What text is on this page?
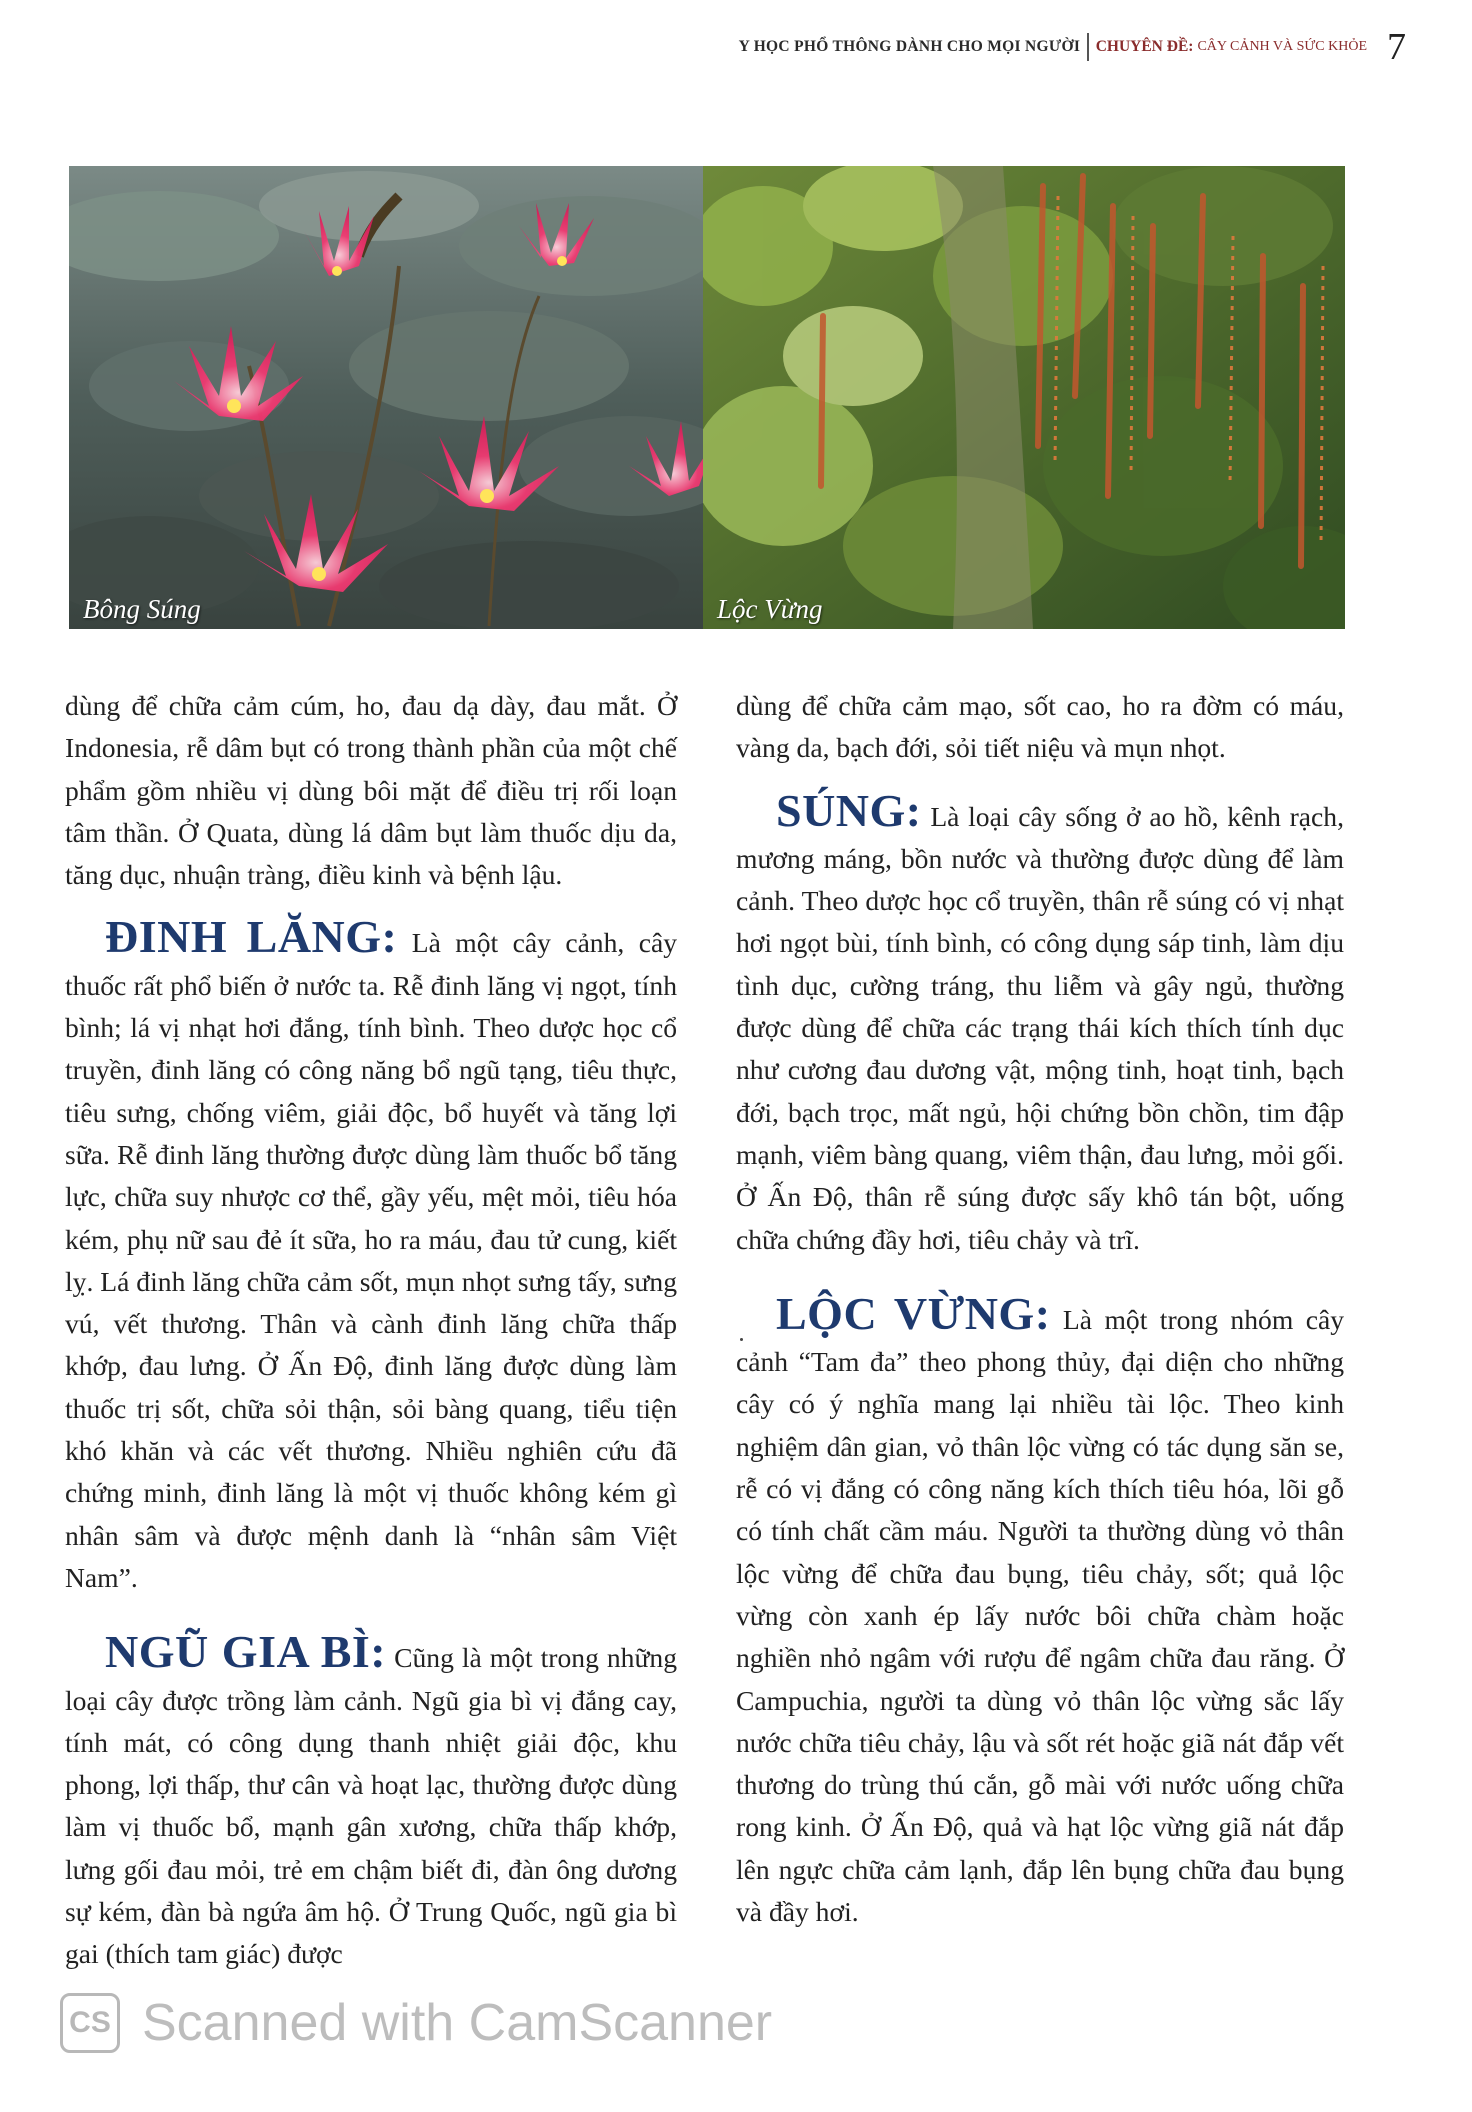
Y HỌC PHỔ THÔNG DÀNH CHO MỌI NGƯỜI CHUYÊN ĐỀ: CÂY CẢNH VÀ SỨC KHỎE 7
Bông Súng	Lộc Vừng

dùng để chữa cảm cúm, ho, đau dạ dày, đau mắt. Ở Indonesia, rễ dâm bụt có trong thành phần của một chế phẩm gồm nhiều vị dùng bôi mặt để điều trị rối loạn tâm thần. Ở Quata, dùng lá dâm bụt làm thuốc dịu da, tăng dục, nhuận tràng, điều kinh và bệnh lậu.

ĐINH LĂNG: Là một cây cảnh, cây thuốc rất phổ biến ở nước ta. Rễ đinh lăng vị ngọt, tính bình; lá vị nhạt hơi đắng, tính bình. Theo dược học cổ truyền, đinh lăng có công năng bổ ngũ tạng, tiêu thực, tiêu sưng, chống viêm, giải độc, bổ huyết và tăng lợi sữa. Rễ đinh lăng thường được dùng làm thuốc bổ tăng lực, chữa suy nhược cơ thể, gầy yếu, mệt mỏi, tiêu hóa kém, phụ nữ sau đẻ ít sữa, ho ra máu, đau tử cung, kiết lỵ. Lá đinh lăng chữa cảm sốt, mụn nhọt sưng tấy, sưng vú, vết thương. Thân và cành đinh lăng chữa thấp khớp, đau lưng. Ở Ấn Độ, đinh lăng được dùng làm thuốc trị sốt, chữa sỏi thận, sỏi bàng quang, tiểu tiện khó khăn và các vết thương. Nhiều nghiên cứu đã chứng minh, đinh lăng là một vị thuốc không kém gì nhân sâm và được mệnh danh là “nhân sâm Việt Nam”.

NGŨ GIA BÌ: Cũng là một trong những loại cây được trồng làm cảnh. Ngũ gia bì vị đắng cay, tính mát, có công dụng thanh nhiệt giải độc, khu phong, lợi thấp, thư cân và hoạt lạc, thường được dùng làm vị thuốc bổ, mạnh gân xương, chữa thấp khớp, lưng gối đau mỏi, trẻ em chậm biết đi, đàn ông dương sự kém, đàn bà ngứa âm hộ. Ở Trung Quốc, ngũ gia bì gai (thích tam giác) được

dùng để chữa cảm mạo, sốt cao, ho ra đờm có máu, vàng da, bạch đới, sỏi tiết niệu và mụn nhọt.

SÚNG: Là loại cây sống ở ao hồ, kênh rạch, mương máng, bồn nước và thường được dùng để làm cảnh. Theo dược học cổ truyền, thân rễ súng có vị nhạt hơi ngọt bùi, tính bình, có công dụng sáp tinh, làm dịu tình dục, cường tráng, thu liễm và gây ngủ, thường được dùng để chữa các trạng thái kích thích tính dục như cương đau dương vật, mộng tinh, hoạt tinh, bạch đới, bạch trọc, mất ngủ, hội chứng bồn chồn, tim đập mạnh, viêm bàng quang, viêm thận, đau lưng, mỏi gối. Ở Ấn Độ, thân rễ súng được sấy khô tán bột, uống chữa chứng đầy hơi, tiêu chảy và trĩ.

LỘC VỪNG: Là một trong nhóm cây cảnh “Tam đa” theo phong thủy, đại diện cho những cây có ý nghĩa mang lại nhiều tài lộc. Theo kinh nghiệm dân gian, vỏ thân lộc vừng có tác dụng săn se, rễ có vị đắng có công năng kích thích tiêu hóa, lõi gỗ có tính chất cầm máu. Người ta thường dùng vỏ thân lộc vừng để chữa đau bụng, tiêu chảy, sốt; quả lộc vừng còn xanh ép lấy nước bôi chữa chàm hoặc nghiền nhỏ ngâm với rượu để ngâm chữa đau răng. Ở Campuchia, người ta dùng vỏ thân lộc vừng sắc lấy nước chữa tiêu chảy, lậu và sốt rét hoặc giã nát đắp vết thương do trùng thú cắn, gỗ mài với nước uống chữa rong kinh. Ở Ấn Độ, quả và hạt lộc vừng giã nát đắp lên ngực chữa cảm lạnh, đắp lên bụng chữa đau bụng và đầy hơi.

CS Scanned with CamScanner
